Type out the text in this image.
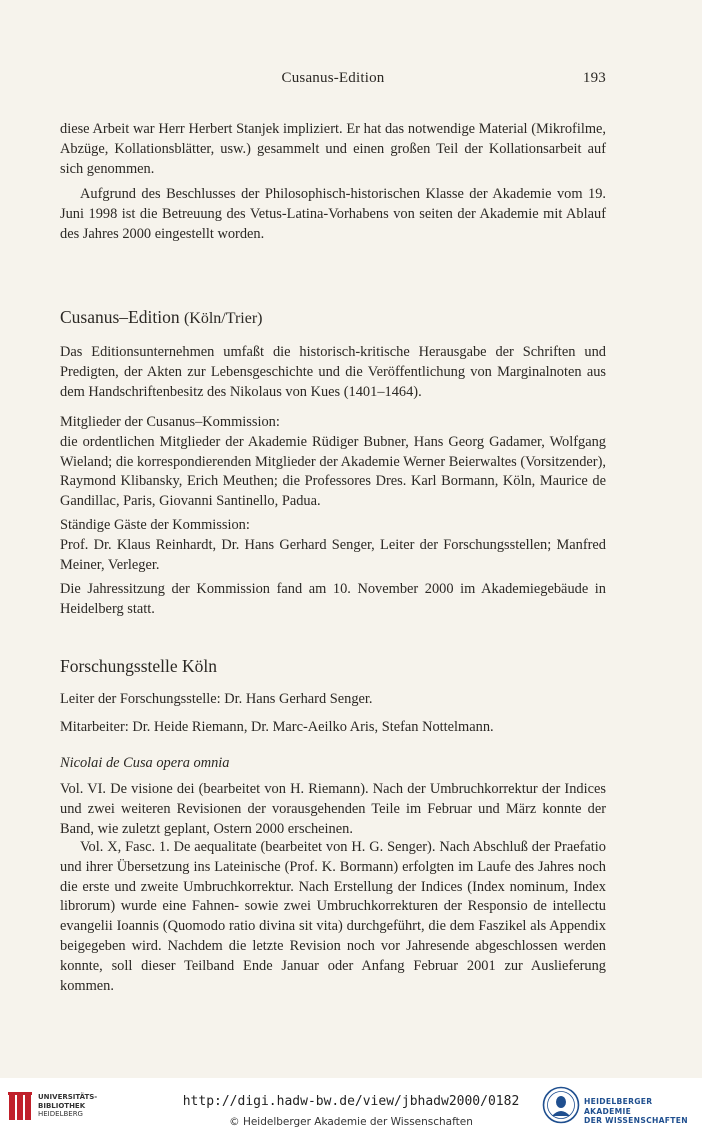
Cusanus-Edition	193

diese Arbeit war Herr Herbert Stanjek impliziert. Er hat das notwendige Material (Mikrofilme, Abzüge, Kollationsblätter, usw.) gesammelt und einen großen Teil der Kollationsarbeit auf sich genommen.

Aufgrund des Beschlusses der Philosophisch-historischen Klasse der Akademie vom 19. Juni 1998 ist die Betreuung des Vetus-Latina-Vorhabens von seiten der Akademie mit Ablauf des Jahres 2000 eingestellt worden.

Cusanus–Edition (Köln/Trier)

Das Editionsunternehmen umfaßt die historisch-kritische Herausgabe der Schriften und Predigten, der Akten zur Lebensgeschichte und die Veröffentlichung von Marginalnoten aus dem Handschriftenbesitz des Nikolaus von Kues (1401–1464).

Mitglieder der Cusanus–Kommission:

die ordentlichen Mitglieder der Akademie Rüdiger Bubner, Hans Georg Gadamer, Wolfgang Wieland; die korrespondierenden Mitglieder der Akademie Werner Beierwaltes (Vorsitzender), Raymond Klibansky, Erich Meuthen; die Professores Dres. Karl Bormann, Köln, Maurice de Gandillac, Paris, Giovanni Santinello, Padua.

Ständige Gäste der Kommission:

Prof. Dr. Klaus Reinhardt, Dr. Hans Gerhard Senger, Leiter der Forschungsstellen; Manfred Meiner, Verleger.

Die Jahressitzung der Kommission fand am 10. November 2000 im Akademiegebäude in Heidelberg statt.

Forschungsstelle Köln

Leiter der Forschungsstelle: Dr. Hans Gerhard Senger.

Mitarbeiter: Dr. Heide Riemann, Dr. Marc-Aeilko Aris, Stefan Nottelmann.

Nicolai de Cusa opera omnia

Vol. VI. De visione dei (bearbeitet von H. Riemann). Nach der Umbruchkorrektur der Indices und zwei weiteren Revisionen der vorausgehenden Teile im Februar und März konnte der Band, wie zuletzt geplant, Ostern 2000 erscheinen.

Vol. X, Fasc. 1. De aequalitate (bearbeitet von H. G. Senger). Nach Abschluß der Praefatio und ihrer Übersetzung ins Lateinische (Prof. K. Bormann) erfolgten im Laufe des Jahres noch die erste und zweite Umbruchkorrektur. Nach Erstellung der Indices (Index nominum, Index librorum) wurde eine Fahnen- sowie zwei Umbruchkorrekturen der Responsio de intellectu evangelii Ioannis (Quomodo ratio divina sit vita) durchgeführt, die dem Faszikel als Appendix beigegeben wird. Nachdem die letzte Revision noch vor Jahresende abgeschlossen werden konnte, soll dieser Teilband Ende Januar oder Anfang Februar 2001 zur Auslieferung kommen.

UNIVERSITÄTS-
BIBLIOTHEK
HEIDELBERG
http://digi.hadw-bw.de/view/jbhadw2000/0182
© Heidelberger Akademie der Wissenschaften
HEIDELBERGER AKADEMIE
DER WISSENSCHAFTEN
